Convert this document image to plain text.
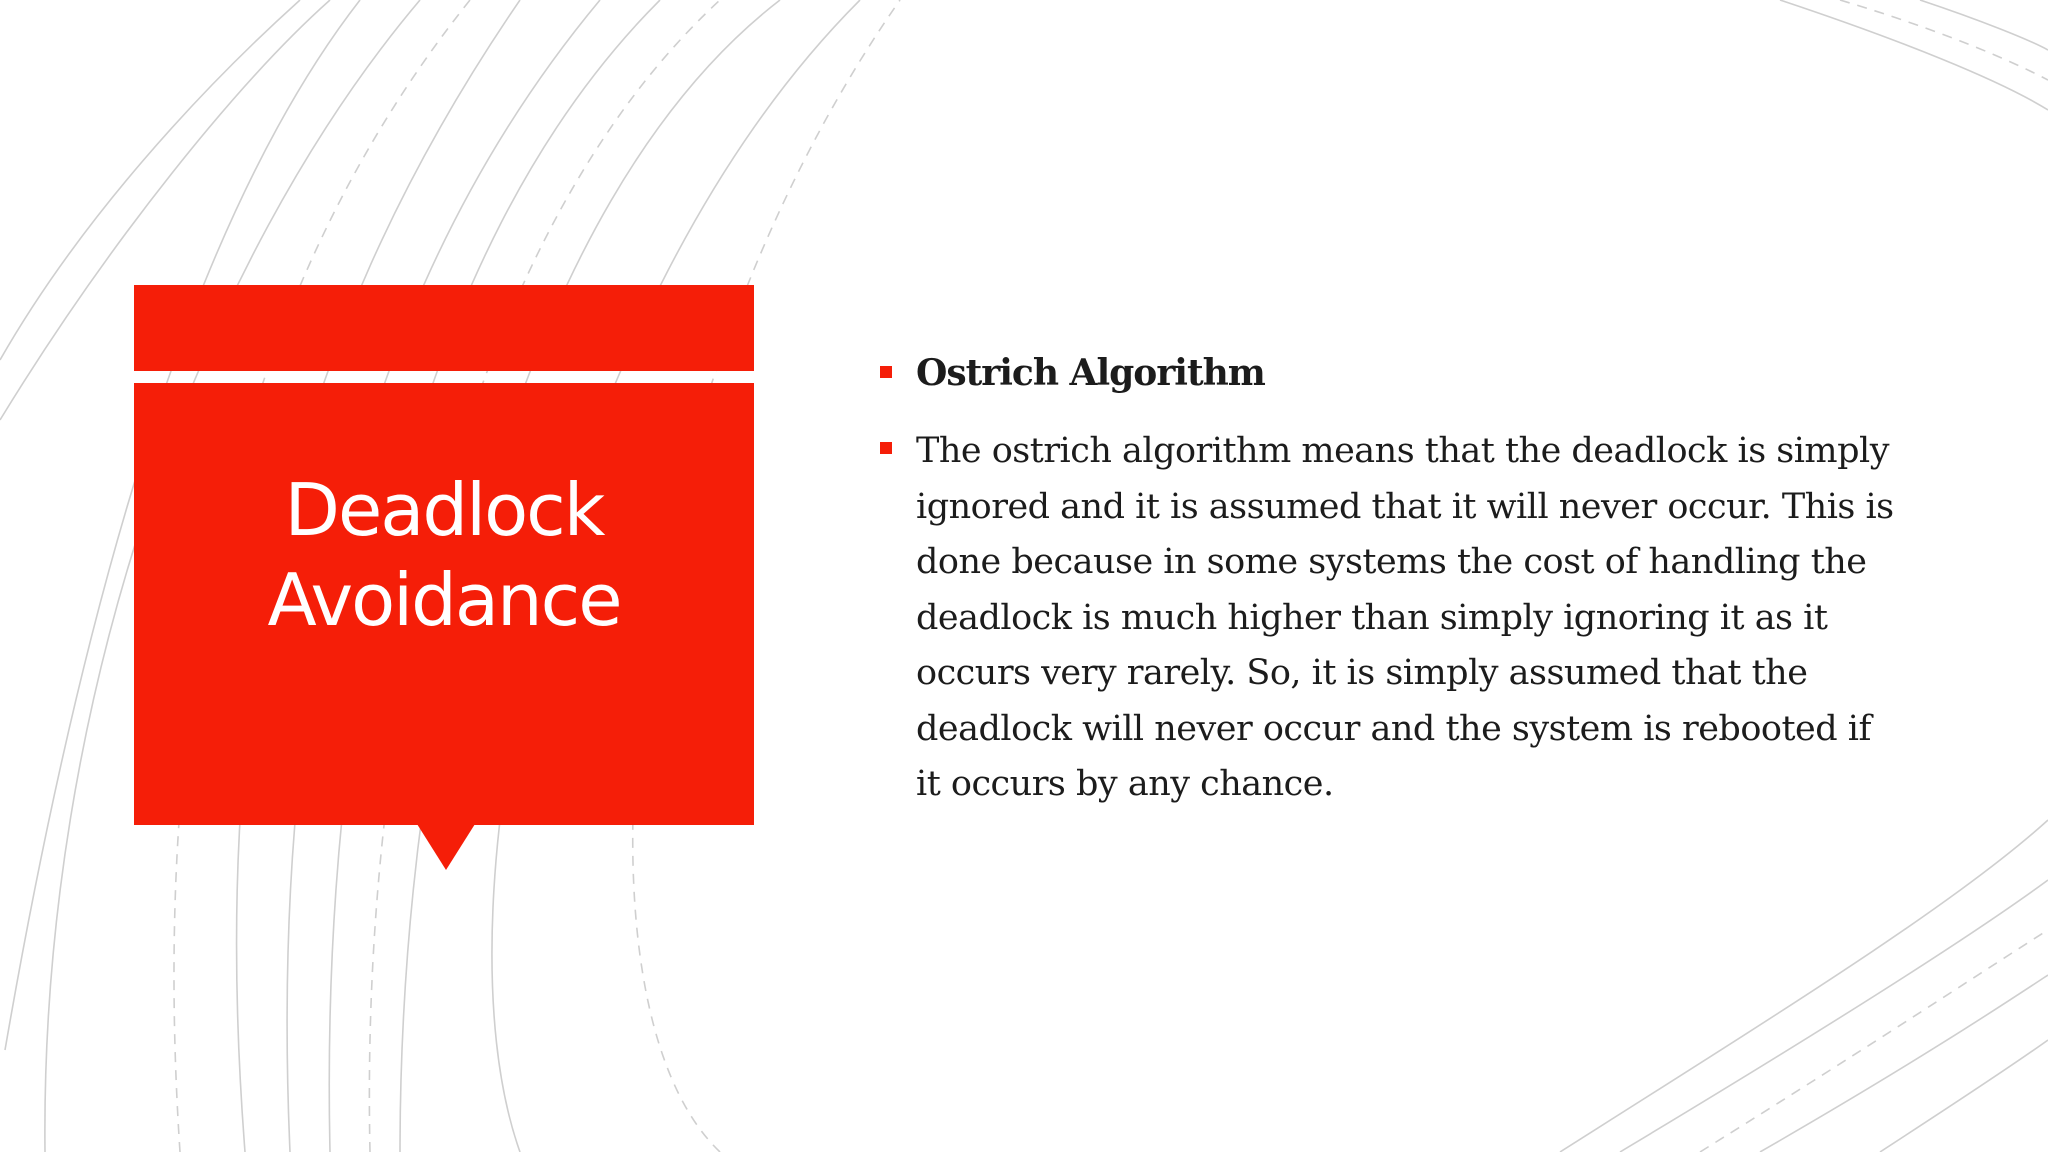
Deadlock
Avoidance
Ostrich Algorithm
The ostrich algorithm means that the deadlock is simply ignored and it is assumed that it will never occur. This is done because in some systems the cost of handling the deadlock is much higher than simply ignoring it as it occurs very rarely. So, it is simply assumed that the deadlock will never occur and the system is rebooted if it occurs by any chance.
